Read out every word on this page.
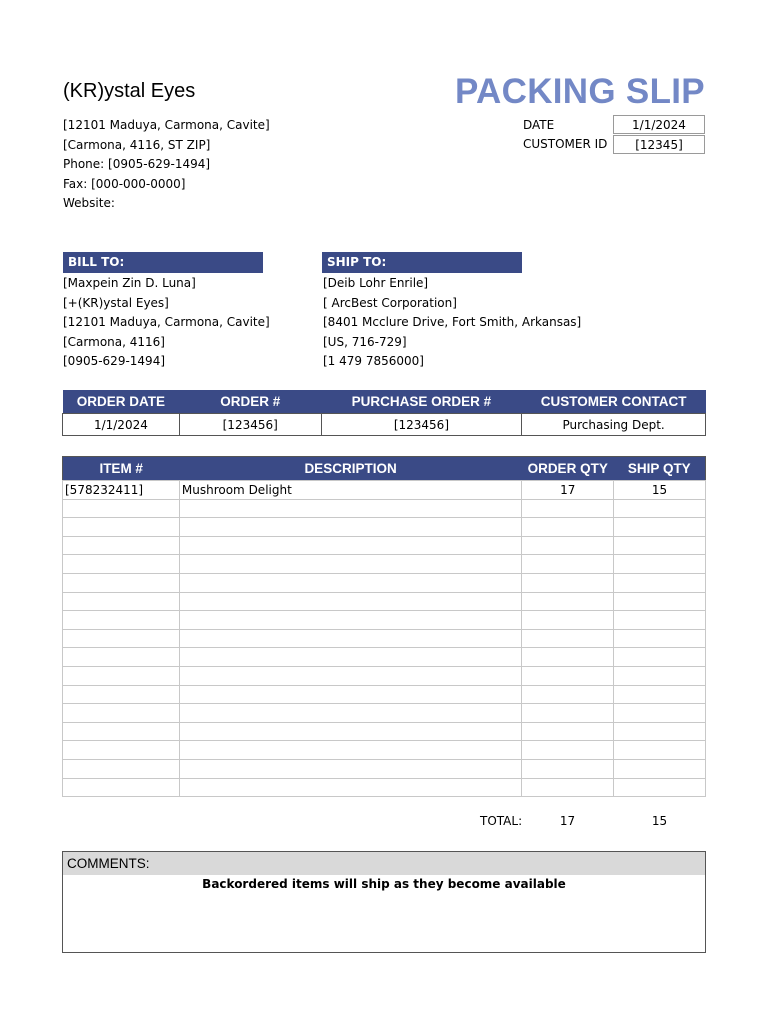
(KR)ystal Eyes	PACKING SLIP
[12101 Maduya, Carmona, Cavite]
[Carmona, 4116, ST ZIP]
Phone: [0905-629-1494]
Fax: [000-000-0000]
Website:
DATE	1/1/2024
CUSTOMER ID	[12345]
BILL TO:
[Maxpein Zin D. Luna]
[+(KR)ystal Eyes]
[12101 Maduya, Carmona, Cavite]
[Carmona, 4116]
[0905-629-1494]
SHIP TO:
[Deib Lohr Enrile]
[ ArcBest Corporation]
[8401 Mcclure Drive, Fort Smith, Arkansas]
[US, 716-729]
[1 479 7856000]
ORDER DATE	ORDER #	PURCHASE ORDER #	CUSTOMER CONTACT
1/1/2024	[123456]	[123456]	Purchasing Dept.
ITEM #	DESCRIPTION	ORDER QTY	SHIP QTY
[578232411]	Mushroom Delight	17	15

TOTAL:	17	15
COMMENTS:
Backordered items will ship as they become available
